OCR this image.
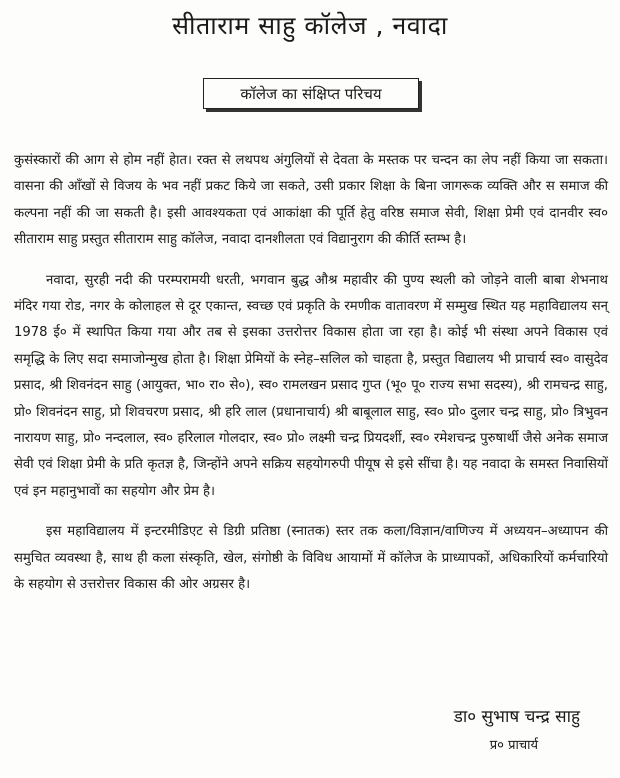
सीताराम साहु कॉलेज , नवादा
कॉलेज का संक्षिप्त परिचय

कुसंस्कारों की आग से होम नहीं हेात। रक्त से लथपथ अंगुलियों से देवता के मस्तक पर चन्दन का लेप नहीं किया जा सकता। वासना की आँखों से विजय के भव नहीं प्रकट किये जा सकते, उसी प्रकार शिक्षा के बिना जागरूक व्यक्ति और स समाज की कल्पना नहीं की जा सकती है। इसी आवश्यकता एवं आकांक्षा की पूर्ति हेतु वरिष्ठ समाज सेवी, शिक्षा प्रेमी एवं दानवीर स्व० सीताराम साहु प्रस्तुत सीताराम साहु कॉलेज, नवादा दानशीलता एवं विद्यानुराग की कीर्ति स्तम्भ है।

नवादा, सुरही नदी की परम्परामयी धरती, भगवान बुद्ध औश्र महावीर की पुण्य स्थली को जोड़ने वाली बाबा शेभनाथ मंदिर गया रोड, नगर के कोलाहल से दूर एकान्त, स्वच्छ एवं प्रकृति के रमणीक वातावरण में सम्मुख स्थित यह महाविद्यालय सन् 1978 ई० में स्थापित किया गया और तब से इसका उत्तरोत्तर विकास होता जा रहा है। कोई भी संस्था अपने विकास एवं समृद्धि के लिए सदा समाजोन्मुख होता है। शिक्षा प्रेमियों के स्नेह–सलिल को चाहता है, प्रस्तुत विद्यालय भी प्राचार्य स्व० वासुदेव प्रसाद, श्री शिवनंदन साहु (आयुक्त, भा० रा० से०), स्व० रामलखन प्रसाद गुप्त (भू० पू० राज्य सभा सदस्य), श्री रामचन्द्र साहु, प्रो० शिवनंदन साहु, प्रो शिवचरण प्रसाद, श्री हरि लाल (प्रधानाचार्य) श्री बाबूलाल साहु, स्व० प्रो० दुलार चन्द्र साहु, प्रो० त्रिभुवन नारायण साहु, प्रो० नन्दलाल, स्व० हरिलाल गोलदार, स्व० प्रो० लक्ष्मी चन्द्र प्रियदर्शी, स्व० रमेशचन्द्र पुरुषार्थी जैसे अनेक समाज सेवी एवं शिक्षा प्रेमी के प्रति कृतज्ञ है, जिन्होंने अपने सक्रिय सहयोगरुपी पीयूष से इसे सींचा है। यह नवादा के समस्त निवासियों एवं इन महानुभावों का सहयोग और प्रेम है।

इस महाविद्यालय में इन्टरमीडिएट से डिग्री प्रतिष्ठा (स्नातक) स्तर तक कला/विज्ञान/वाणिज्य में अध्ययन–अध्यापन की समुचित व्यवस्था है, साथ ही कला संस्कृति, खेल, संगोष्ठी के विविध आयामों में कॉलेज के प्राध्यापकों, अधिकारियों कर्मचारियो के सहयोग से उत्तरोत्तर विकास की ओर अग्रसर है।

डा० सुभाष चन्द्र साहु
प्र० प्राचार्य
